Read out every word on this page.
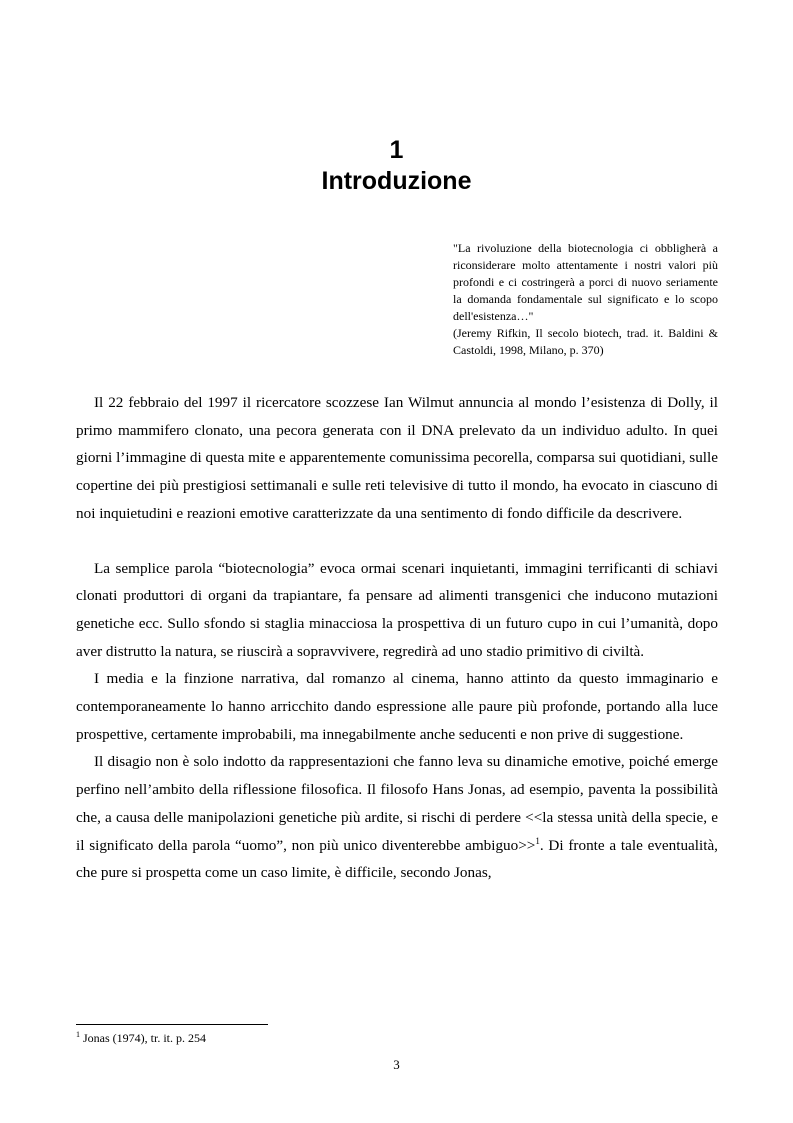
1
Introduzione

"La rivoluzione della biotecnologia ci obbligherà a riconsiderare molto attentamente i nostri valori più profondi e ci costringerà a porci di nuovo seriamente la domanda fondamentale sul significato e lo scopo dell'esistenza…"

(Jeremy Rifkin, Il secolo biotech, trad. it. Baldini & Castoldi, 1998, Milano, p. 370)

Il 22 febbraio del 1997 il ricercatore scozzese Ian Wilmut annuncia al mondo l’esistenza di Dolly, il primo mammifero clonato, una pecora generata con il DNA prelevato da un individuo adulto. In quei giorni l’immagine di questa mite e apparentemente comunissima pecorella, comparsa sui quotidiani, sulle copertine dei più prestigiosi settimanali e sulle reti televisive di tutto il mondo, ha evocato in ciascuno di noi inquietudini e reazioni emotive caratterizzate da una sentimento di fondo difficile da descrivere.

La semplice parola “biotecnologia” evoca ormai scenari inquietanti, immagini terrificanti di schiavi clonati produttori di organi da trapiantare, fa pensare ad alimenti transgenici che inducono mutazioni genetiche ecc. Sullo sfondo si staglia minacciosa la prospettiva di un futuro cupo in cui l’umanità, dopo aver distrutto la natura, se riuscirà a sopravvivere, regredirà ad uno stadio primitivo di civiltà.

I media e la finzione narrativa, dal romanzo al cinema, hanno attinto da questo immaginario e contemporaneamente lo hanno arricchito dando espressione alle paure più profonde, portando alla luce prospettive, certamente improbabili, ma innegabilmente anche seducenti e non prive di suggestione.

Il disagio non è solo indotto da rappresentazioni che fanno leva su dinamiche emotive, poiché emerge perfino nell’ambito della riflessione filosofica. Il filosofo Hans Jonas, ad esempio, paventa la possibilità che, a causa delle manipolazioni genetiche più ardite, si rischi di perdere <<la stessa unità della specie, e il significato della parola “uomo”, non più unico diventerebbe ambiguo>>$^1$. Di fronte a tale eventualità, che pure si prospetta come un caso limite, è difficile, secondo Jonas,

$^1$ Jonas (1974), tr. it. p. 254
3
